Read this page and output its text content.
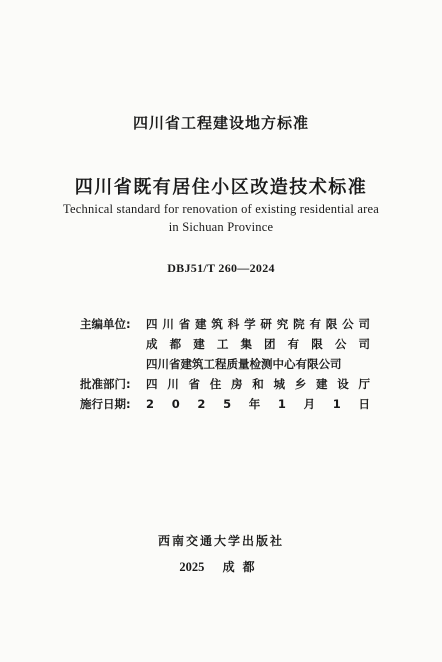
四川省工程建设地方标准
四川省既有居住小区改造技术标准
Technical standard for renovation of existing residential area
in Sichuan Province
DBJ51/T 260—2024
主编单位:	四 川 省 建 筑 科 学 研 究 院 有 限 公 司
成 都 建 工 集 团 有 限 公 司
四川省建筑工程质量检测中心有限公司
批准部门:	四 川 省 住 房 和 城 乡 建 设 厅
施行日期:	2 0 2 5 年 1 月 1 日
西南交通大学出版社
2025 成都
